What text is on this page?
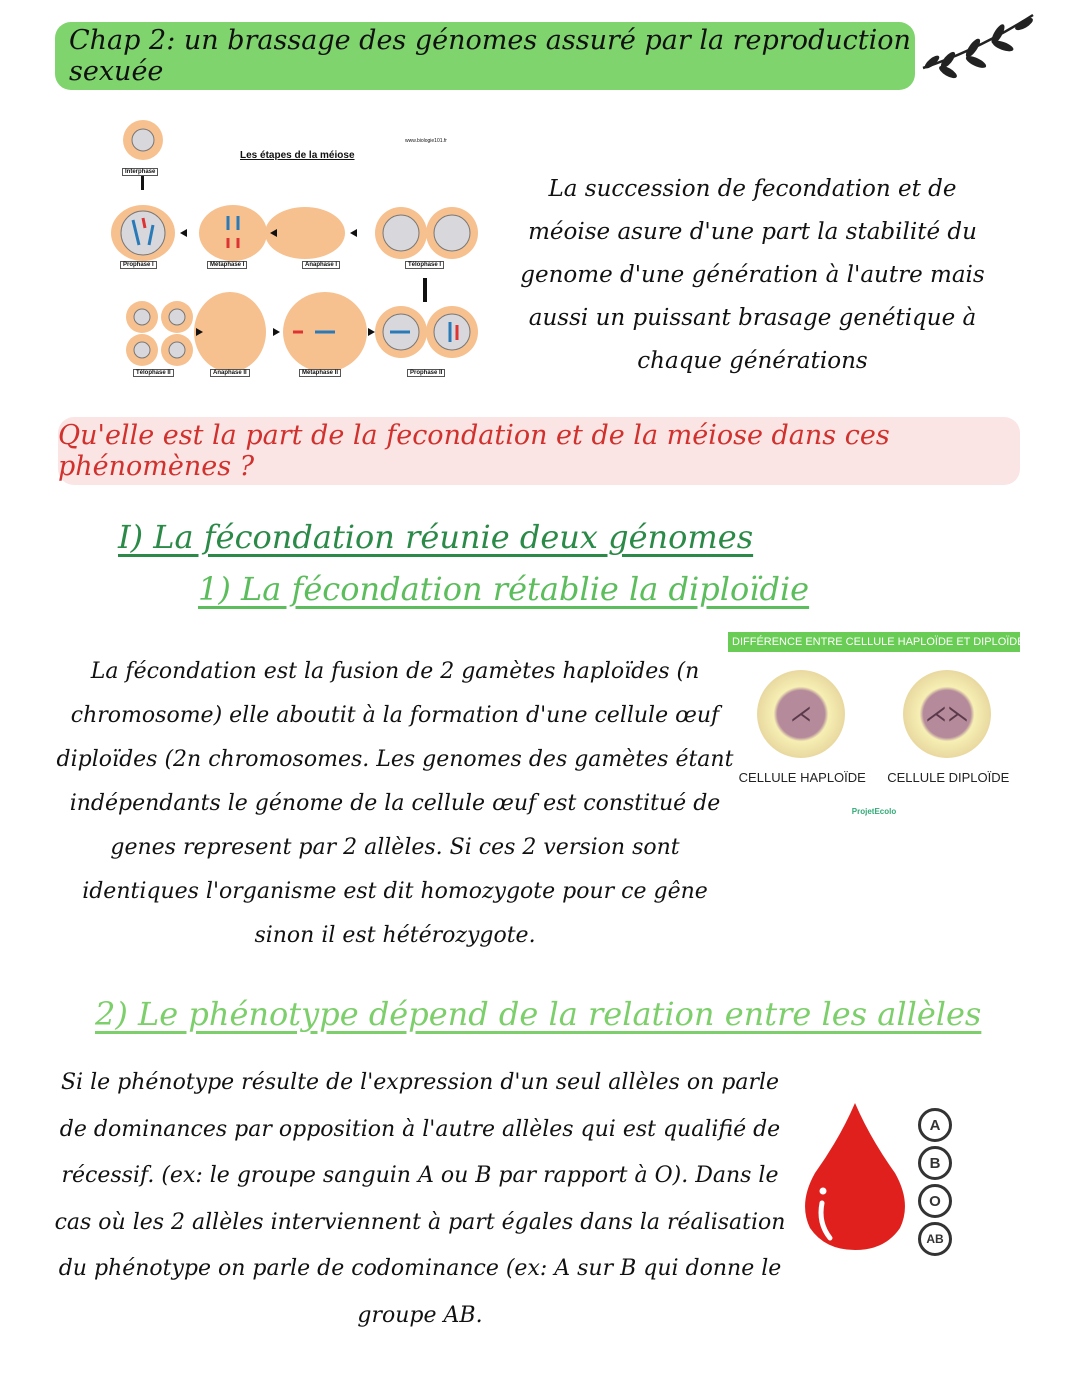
Chap 2: un brassage des génomes assuré par la reproduction sexuée
Les étapes de la méiose
www.biologie101.fr
Interphase
Prophase I	Métaphase I	Anaphase I	Télophase I
Prophase II
Métaphase II
Anaphase II
Télophase II
La succession de fecondation et de méoise asure d'une part la stabilité du genome d'une génération à l'autre mais aussi un puissant brasage genétique à chaque générations
Qu'elle est la part de la fecondation et de la méiose dans ces phénomènes ?
I) La fécondation réunie deux génomes
1) La fécondation rétablie la diploïdie
DIFFÉRENCE ENTRE CELLULE HAPLOÏDE ET DIPLOÏDE
⋌	⋌⋋
CELLULE HAPLOÏDE CELLULE DIPLOÏDE
ProjetEcolo
La fécondation est la fusion de 2 gamètes haploïdes (n chromosome) elle aboutit à la formation d'une cellule œuf diploïdes (2n chromosomes. Les genomes des gamètes étant indépendants le génome de la cellule œuf est constitué de genes represent par 2 allèles. Si ces 2 version sont identiques l'organisme est dit homozygote pour ce gêne sinon il est hétérozygote.
2) Le phénotype dépend de la relation entre les allèles
Si le phénotype résulte de l'expression d'un seul allèles on parle de dominances par opposition à l'autre allèles qui est qualifié de récessif. (ex: le groupe sanguin A ou B par rapport à O). Dans le cas où les 2 allèles interviennent à part égales dans la réalisation du phénotype on parle de codominance (ex: A sur B qui donne le groupe AB.
A
B
O
AB
